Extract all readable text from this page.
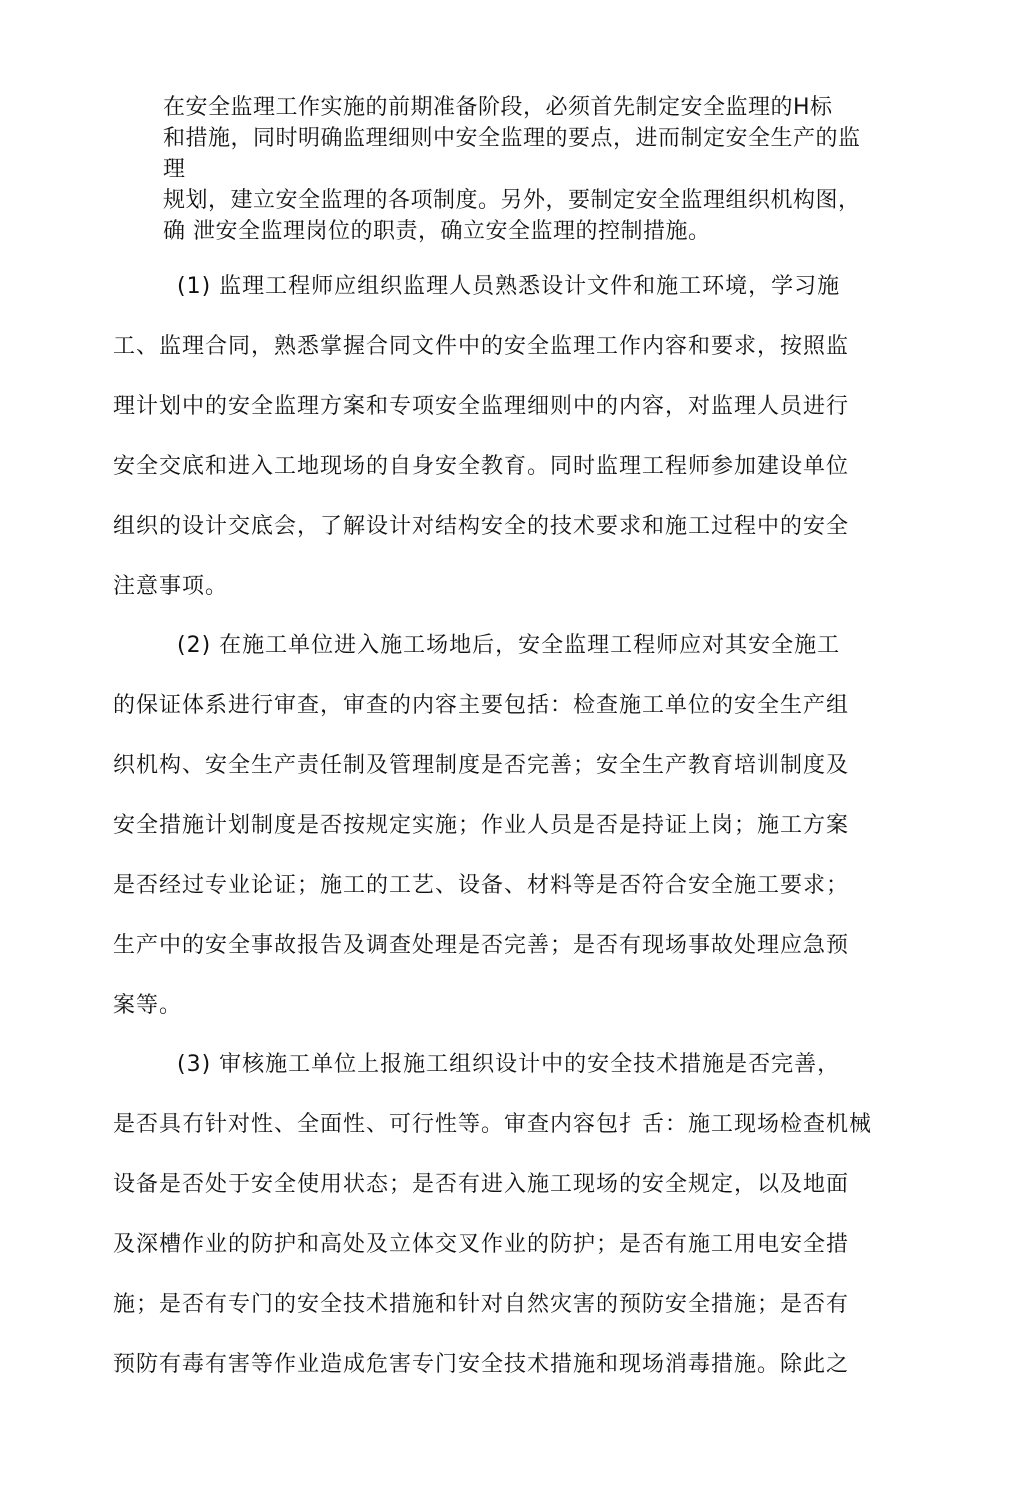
在安全监理工作实施的前期准备阶段，必须首先制定安全监理的H标
和措施，同时明确监理细则中安全监理的要点，进而制定安全生产的监
理
规划，建立安全监理的各项制度。另外，要制定安全监理组织机构图，
确 泄安全监理岗位的职责，确立安全监理的控制措施。
(1) 监理工程师应组织监理人员熟悉设计文件和施工环境，学习施
工、监理合同，熟悉掌握合同文件中的安全监理工作内容和要求，按照监
理计划中的安全监理方案和专项安全监理细则中的内容，对监理人员进行
安全交底和进入工地现场的自身安全教育。同时监理工程师参加建设单位
组织的设计交底会，了解设计对结构安全的技术要求和施工过程中的安全
注意事项。
(2) 在施工单位进入施工场地后，安全监理工程师应对其安全施工
的保证体系进行审查，审查的内容主要包括：检查施工单位的安全生产组
织机构、安全生产责任制及管理制度是否完善；安全生产教育培训制度及
安全措施计划制度是否按规定实施；作业人员是否是持证上岗；施工方案
是否经过专业论证；施工的工艺、设备、材料等是否符合安全施工要求；
生产中的安全事故报告及调查处理是否完善；是否有现场事故处理应急预
案等。
(3) 审核施工单位上报施工组织设计中的安全技术措施是否完善，
是否具冇针对性、全面性、可行性等。审查内容包扌舌：施工现场检查机械
设备是否处于安全使用状态；是否有进入施工现场的安全规定，以及地面
及深槽作业的防护和高处及立体交叉作业的防护；是否有施工用电安全措
施；是否有专门的安全技术措施和针对自然灾害的预防安全措施；是否有
预防有毒有害等作业造成危害专门安全技术措施和现场消毒措施。除此之
